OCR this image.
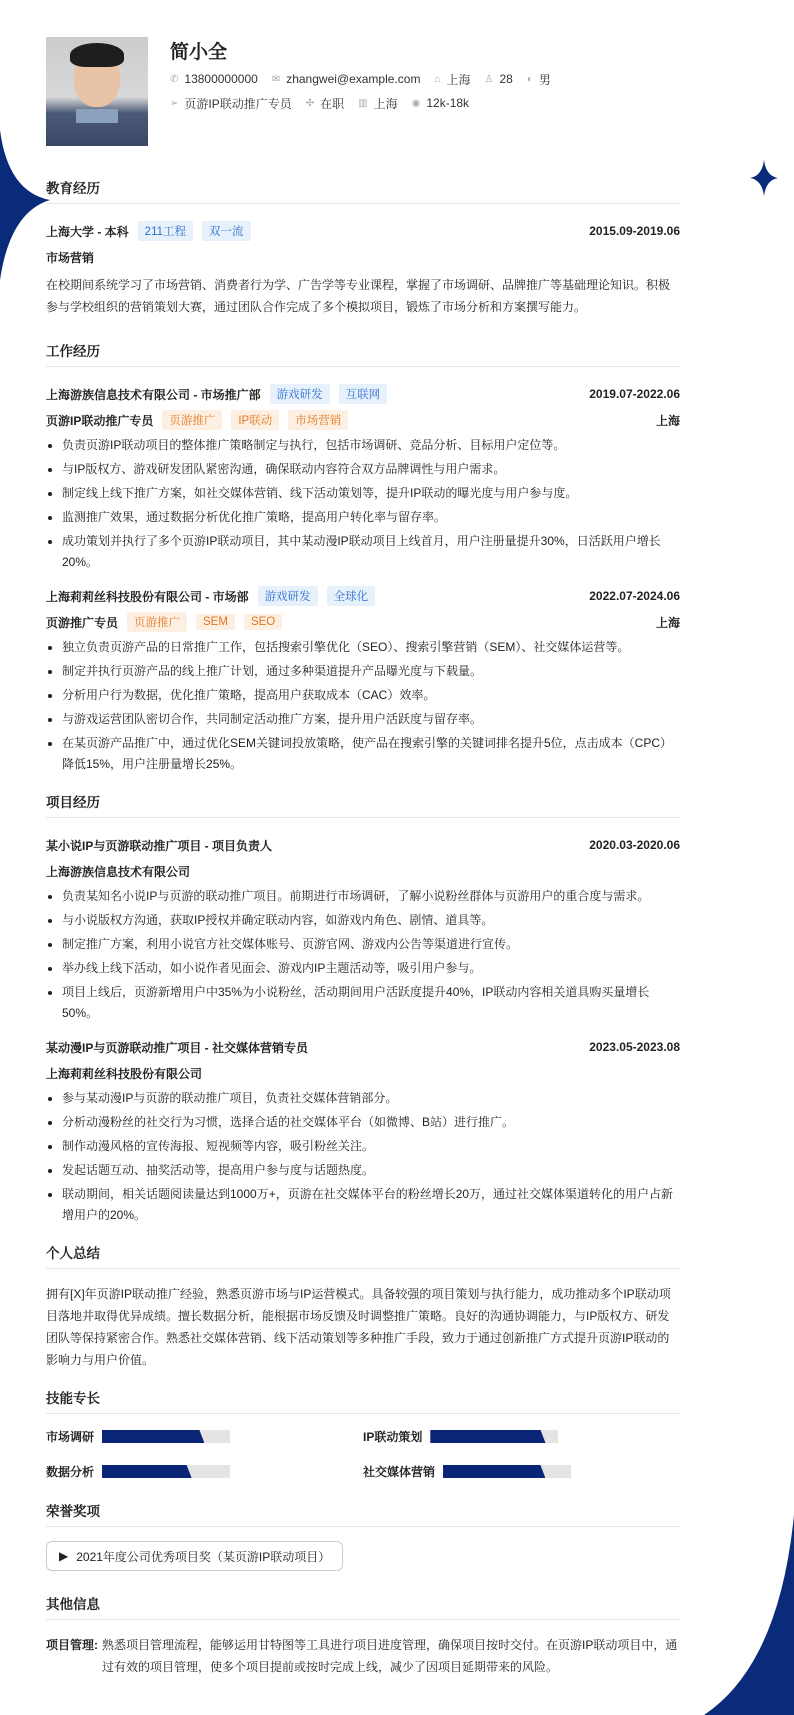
简小全
✆ 13800000000 ✉ zhangwei@example.com ⌂ 上海 ♙ 28 ◐ 男
➢ 页游IP联动推广专员 ✣ 在职 ▥ 上海 ◉ 12k-18k
教育经历
上海大学 - 本科	211工程	双一流	2015.09-2019.06
市场营销

在校期间系统学习了市场营销、消费者行为学、广告学等专业课程，掌握了市场调研、品牌推广等基础理论知识。积极参与学校组织的营销策划大赛，通过团队合作完成了多个模拟项目，锻炼了市场分析和方案撰写能力。

工作经历
上海游族信息技术有限公司 - 市场推广部	游戏研发	互联网	2019.07-2022.06
页游IP联动推广专员	页游推广	IP联动	市场营销	上海
负责页游IP联动项目的整体推广策略制定与执行，包括市场调研、竞品分析、目标用户定位等。
与IP版权方、游戏研发团队紧密沟通，确保联动内容符合双方品牌调性与用户需求。
制定线上线下推广方案，如社交媒体营销、线下活动策划等，提升IP联动的曝光度与用户参与度。
监测推广效果，通过数据分析优化推广策略，提高用户转化率与留存率。
成功策划并执行了多个页游IP联动项目，其中某动漫IP联动项目上线首月，用户注册量提升30%，日活跃用户增长20%。
上海莉莉丝科技股份有限公司 - 市场部	游戏研发	全球化	2022.07-2024.06
页游推广专员	页游推广	SEM	SEO	上海
独立负责页游产品的日常推广工作，包括搜索引擎优化（SEO）、搜索引擎营销（SEM）、社交媒体运营等。
制定并执行页游产品的线上推广计划，通过多种渠道提升产品曝光度与下载量。
分析用户行为数据，优化推广策略，提高用户获取成本（CAC）效率。
与游戏运营团队密切合作，共同制定活动推广方案，提升用户活跃度与留存率。
在某页游产品推广中，通过优化SEM关键词投放策略，使产品在搜索引擎的关键词排名提升5位，点击成本（CPC）降低15%，用户注册量增长25%。
项目经历
某小说IP与页游联动推广项目 - 项目负责人	2020.03-2020.06
上海游族信息技术有限公司
负责某知名小说IP与页游的联动推广项目。前期进行市场调研，了解小说粉丝群体与页游用户的重合度与需求。
与小说版权方沟通，获取IP授权并确定联动内容，如游戏内角色、剧情、道具等。
制定推广方案，利用小说官方社交媒体账号、页游官网、游戏内公告等渠道进行宣传。
举办线上线下活动，如小说作者见面会、游戏内IP主题活动等，吸引用户参与。
项目上线后，页游新增用户中35%为小说粉丝，活动期间用户活跃度提升40%，IP联动内容相关道具购买量增长50%。
某动漫IP与页游联动推广项目 - 社交媒体营销专员	2023.05-2023.08
上海莉莉丝科技股份有限公司
参与某动漫IP与页游的联动推广项目，负责社交媒体营销部分。
分析动漫粉丝的社交行为习惯，选择合适的社交媒体平台（如微博、B站）进行推广。
制作动漫风格的宣传海报、短视频等内容，吸引粉丝关注。
发起话题互动、抽奖活动等，提高用户参与度与话题热度。
联动期间，相关话题阅读量达到1000万+，页游在社交媒体平台的粉丝增长20万，通过社交媒体渠道转化的用户占新增用户的20%。
个人总结

拥有[X]年页游IP联动推广经验，熟悉页游市场与IP运营模式。具备较强的项目策划与执行能力，成功推动多个IP联动项目落地并取得优异成绩。擅长数据分析，能根据市场反馈及时调整推广策略。良好的沟通协调能力，与IP版权方、研发团队等保持紧密合作。熟悉社交媒体营销、线下活动策划等多种推广手段，致力于通过创新推广方式提升页游IP联动的影响力与用户价值。

技能专长
市场调研	IP联动策划
数据分析	社交媒体营销
荣誉奖项
▶ 2021年度公司优秀项目奖（某页游IP联动项目）
其他信息
项目管理: 熟悉项目管理流程，能够运用甘特图等工具进行项目进度管理，确保项目按时交付。在页游IP联动项目中，通过有效的项目管理，使多个项目提前或按时完成上线，减少了因项目延期带来的风险。
